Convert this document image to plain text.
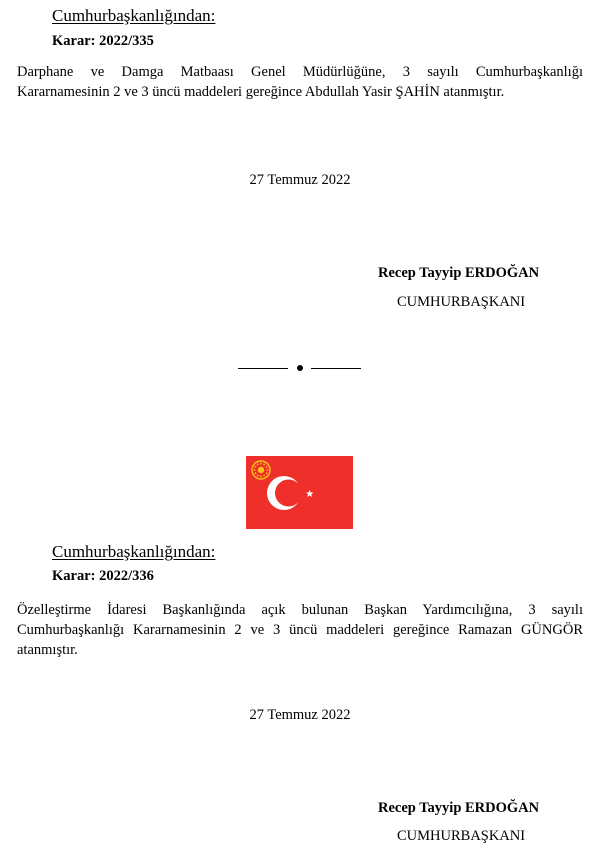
Cumhurbaşkanlığından:
Karar: 2022/335
Darphane ve Damga Matbaası Genel Müdürlüğüne, 3 sayılı Cumhurbaşkanlığı
Kararnamesinin 2 ve 3 üncü maddeleri gereğince Abdullah Yasir ŞAHİN atanmıştır.
27 Temmuz 2022
Recep Tayyip ERDOĞAN
CUMHURBAŞKANI
Cumhurbaşkanlığından:
Karar: 2022/336
Özelleştirme İdaresi Başkanlığında açık bulunan Başkan Yardımcılığına, 3 sayılı
Cumhurbaşkanlığı Kararnamesinin 2 ve 3 üncü maddeleri gereğince Ramazan GÜNGÖR
atanmıştır.
27 Temmuz 2022
Recep Tayyip ERDOĞAN
CUMHURBAŞKANI
